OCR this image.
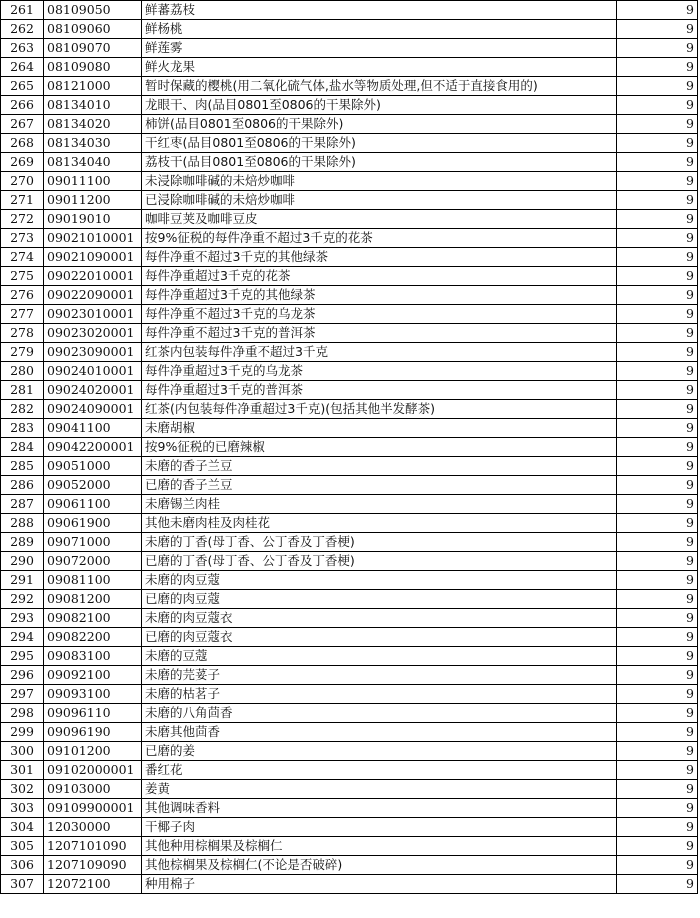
261	08109050	鲜蕃荔枝	9
262	08109060	鲜杨桃	9
263	08109070	鲜莲雾	9
264	08109080	鲜火龙果	9
265	08121000	暂时保藏的樱桃(用二氧化硫气体,盐水等物质处理,但不适于直接食用的)	9
266	08134010	龙眼干、肉(品目0801至0806的干果除外)	9
267	08134020	柿饼(品目0801至0806的干果除外)	9
268	08134030	干红枣(品目0801至0806的干果除外)	9
269	08134040	荔枝干(品目0801至0806的干果除外)	9
270	09011100	未浸除咖啡碱的未焙炒咖啡	9
271	09011200	已浸除咖啡碱的未焙炒咖啡	9
272	09019010	咖啡豆荚及咖啡豆皮	9
273	09021010001	按9%征税的每件净重不超过3千克的花茶	9
274	09021090001	每件净重不超过3千克的其他绿茶	9
275	09022010001	每件净重超过3千克的花茶	9
276	09022090001	每件净重超过3千克的其他绿茶	9
277	09023010001	每件净重不超过3千克的乌龙茶	9
278	09023020001	每件净重不超过3千克的普洱茶	9
279	09023090001	红茶内包装每件净重不超过3千克	9
280	09024010001	每件净重超过3千克的乌龙茶	9
281	09024020001	每件净重超过3千克的普洱茶	9
282	09024090001	红茶(内包装每件净重超过3千克)(包括其他半发酵茶)	9
283	09041100	未磨胡椒	9
284	09042200001	按9%征税的已磨辣椒	9
285	09051000	未磨的香子兰豆	9
286	09052000	已磨的香子兰豆	9
287	09061100	未磨锡兰肉桂	9
288	09061900	其他未磨肉桂及肉桂花	9
289	09071000	未磨的丁香(母丁香、公丁香及丁香梗)	9
290	09072000	已磨的丁香(母丁香、公丁香及丁香梗)	9
291	09081100	未磨的肉豆蔻	9
292	09081200	已磨的肉豆蔻	9
293	09082100	未磨的肉豆蔻衣	9
294	09082200	已磨的肉豆蔻衣	9
295	09083100	未磨的豆蔻	9
296	09092100	未磨的芫荽子	9
297	09093100	未磨的枯茗子	9
298	09096110	未磨的八角茴香	9
299	09096190	未磨其他茴香	9
300	09101200	已磨的姜	9
301	09102000001	番红花	9
302	09103000	姜黄	9
303	09109900001	其他调味香料	9
304	12030000	干椰子肉	9
305	1207101090	其他种用棕榈果及棕榈仁	9
306	1207109090	其他棕榈果及棕榈仁(不论是否破碎)	9
307	12072100	种用棉子	9
